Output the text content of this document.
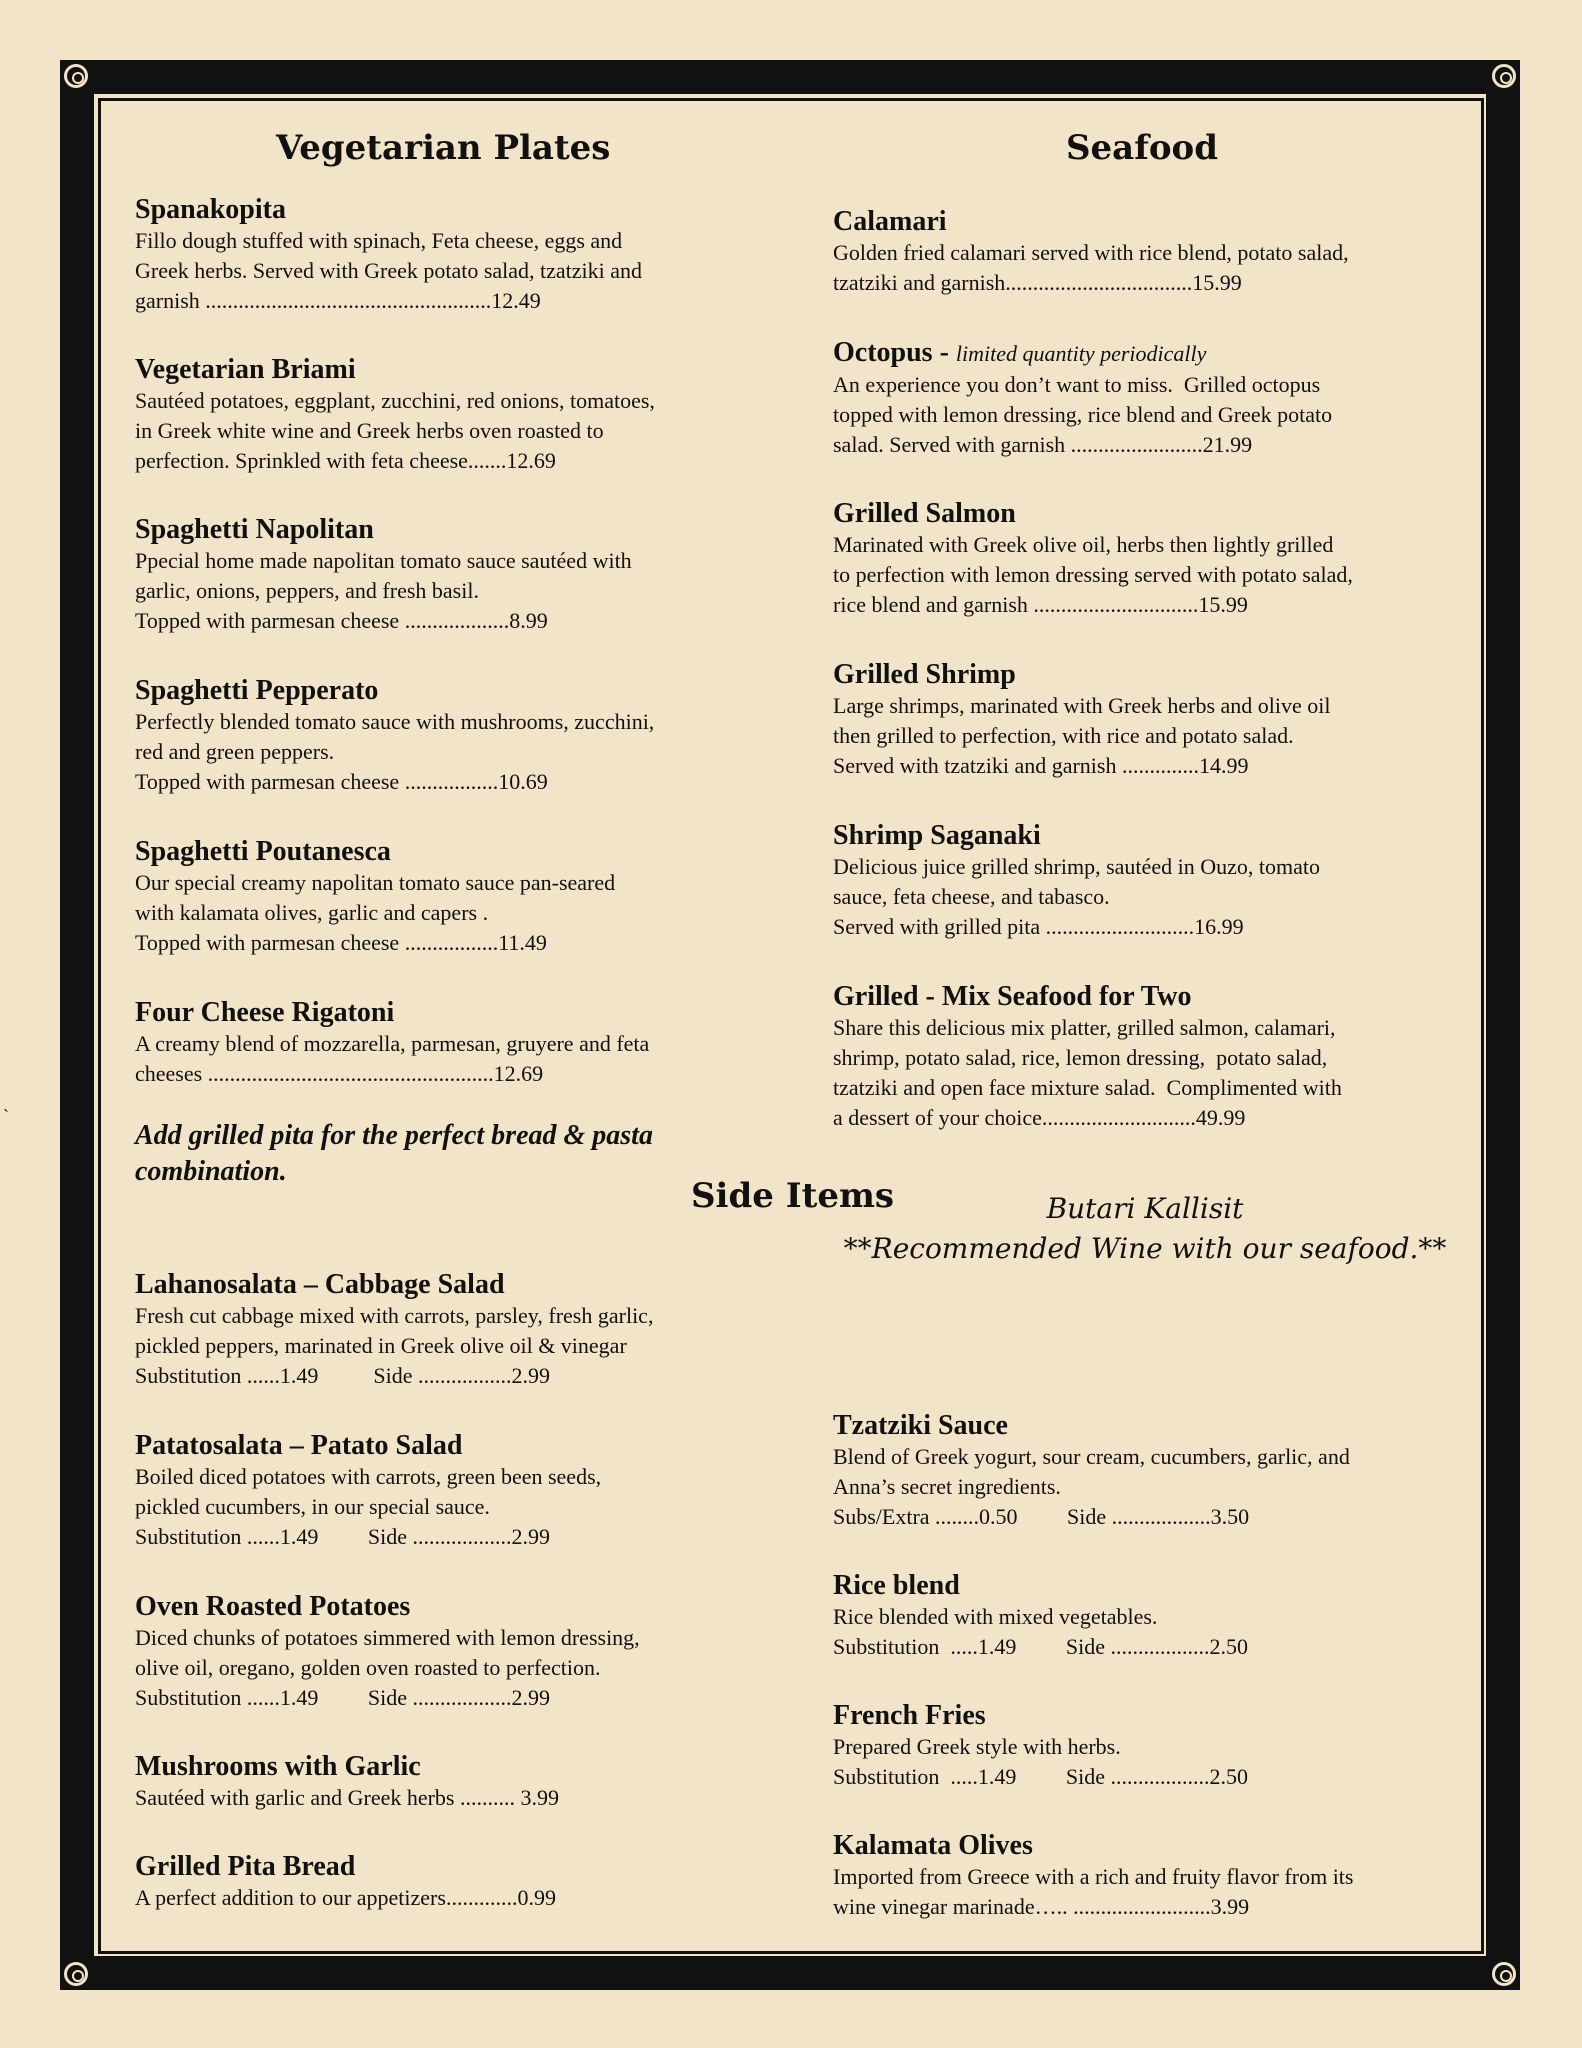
`
Vegetarian Plates	Seafood
Side Items
Spanakopita
Fillo dough stuffed with spinach, Feta cheese, eggs and
Greek herbs. Served with Greek potato salad, tzatziki and
garnish ....................................................12.49
Vegetarian Briami
Sautéed potatoes, eggplant, zucchini, red onions, tomatoes,
in Greek white wine and Greek herbs oven roasted to
perfection. Sprinkled with feta cheese.......12.69
Spaghetti Napolitan
Ppecial home made napolitan tomato sauce sautéed with
garlic, onions, peppers, and fresh basil.
Topped with parmesan cheese ...................8.99
Spaghetti Pepperato
Perfectly blended tomato sauce with mushrooms, zucchini,
red and green peppers.
Topped with parmesan cheese .................10.69
Spaghetti Poutanesca
Our special creamy napolitan tomato sauce pan-seared
with kalamata olives, garlic and capers .
Topped with parmesan cheese .................11.49
Four Cheese Rigatoni
A creamy blend of mozzarella, parmesan, gruyere and feta
cheeses ....................................................12.69
Add grilled pita for the perfect bread & pasta combination.
Calamari
Golden fried calamari served with rice blend, potato salad,
tzatziki and garnish..................................15.99
Octopus - limited quantity periodically
An experience you don’t want to miss.  Grilled octopus
topped with lemon dressing, rice blend and Greek potato
salad. Served with garnish ........................21.99
Grilled Salmon
Marinated with Greek olive oil, herbs then lightly grilled
to perfection with lemon dressing served with potato salad,
rice blend and garnish ..............................15.99
Grilled Shrimp
Large shrimps, marinated with Greek herbs and olive oil
then grilled to perfection, with rice and potato salad.
Served with tzatziki and garnish ..............14.99
Shrimp Saganaki
Delicious juice grilled shrimp, sautéed in Ouzo, tomato
sauce, feta cheese, and tabasco.
Served with grilled pita ...........................16.99
Grilled - Mix Seafood for Two
Share this delicious mix platter, grilled salmon, calamari,
shrimp, potato salad, rice, lemon dressing,  potato salad,
tzatziki and open face mixture salad.  Complimented with
a dessert of your choice............................49.99
Butari Kallisit
**Recommended Wine with our seafood.**
Lahanosalata – Cabbage Salad
Fresh cut cabbage mixed with carrots, parsley, fresh garlic,
pickled peppers, marinated in Greek olive oil & vinegar
Substitution ......1.49          Side .................2.99
Patatosalata – Patato Salad
Boiled diced potatoes with carrots, green been seeds,
pickled cucumbers, in our special sauce.
Substitution ......1.49         Side ..................2.99
Oven Roasted Potatoes
Diced chunks of potatoes simmered with lemon dressing,
olive oil, oregano, golden oven roasted to perfection.
Substitution ......1.49         Side ..................2.99
Mushrooms with Garlic
Sautéed with garlic and Greek herbs .......... 3.99
Grilled Pita Bread
A perfect addition to our appetizers.............0.99
Tzatziki Sauce
Blend of Greek yogurt, sour cream, cucumbers, garlic, and
Anna’s secret ingredients.
Subs/Extra ........0.50         Side ..................3.50
Rice blend
Rice blended with mixed vegetables.
Substitution  .....1.49         Side ..................2.50
French Fries
Prepared Greek style with herbs.
Substitution  .....1.49         Side ..................2.50
Kalamata Olives
Imported from Greece with a rich and fruity flavor from its
wine vinegar marinade….. .........................3.99
